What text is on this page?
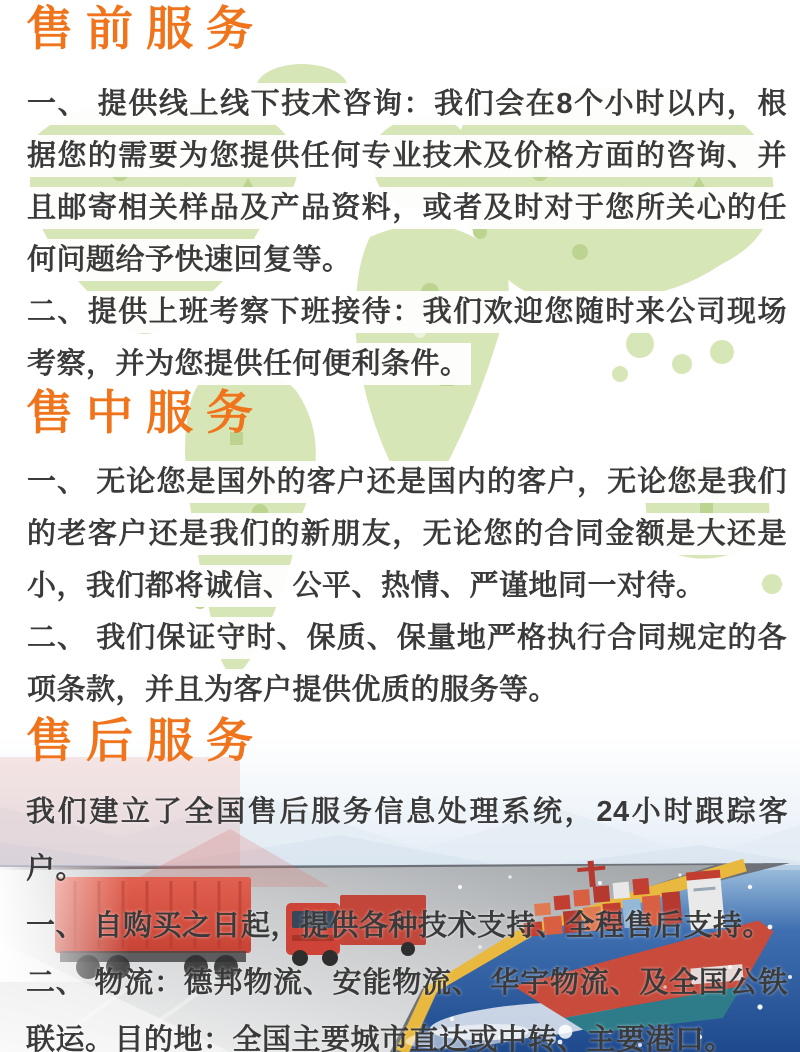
售前服务

一、 提供线上线下技术咨询：我们会在8个小时以内，根据您的需要为您提供任何专业技术及价格方面的咨询、并且邮寄相关样品及产品资料，或者及时对于您所关心的任何问题给予快速回复等。

二、提供上班考察下班接待：我们欢迎您随时来公司现场考察，并为您提供任何便利条件。

售中服务

一、 无论您是国外的客户还是国内的客户，无论您是我们的老客户还是我们的新朋友，无论您的合同金额是大还是小，我们都将诚信、公平、热情、严谨地同一对待。

二、 我们保证守时、保质、保量地严格执行合同规定的各项条款，并且为客户提供优质的服务等。

售后服务

我们建立了全国售后服务信息处理系统，24小时跟踪客户。

一、 自购买之日起，提供各种技术支持、全程售后支持。

二、 物流：德邦物流、安能物流、 华宇物流、及全国公铁联运。目的地：全国主要城市直达或中转、主要港口。
